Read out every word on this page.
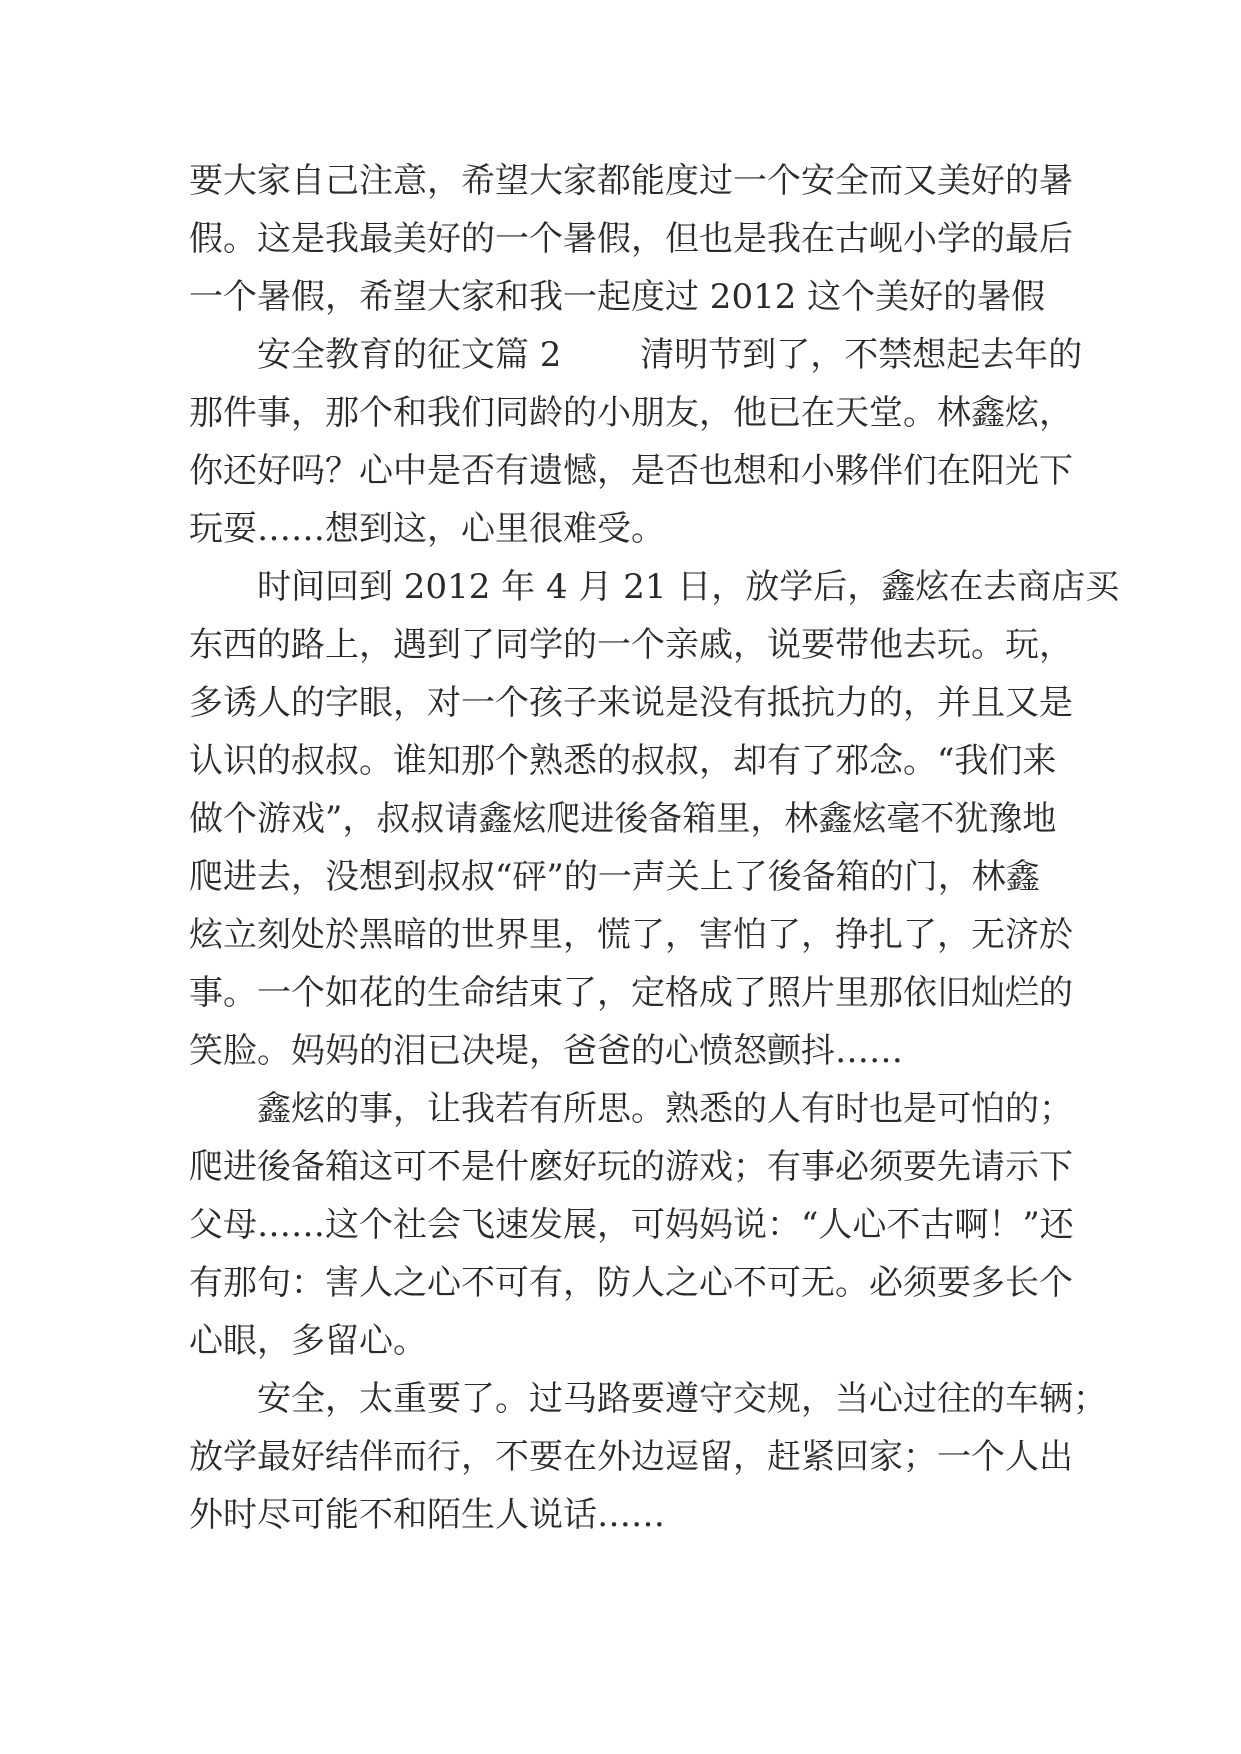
要大家自己注意，希望大家都能度过一个安全而又美好的暑
假。这是我最美好的一个暑假，但也是我在古岘小学的最后
一个暑假，希望大家和我一起度过 2012 这个美好的暑假
　　安全教育的征文篇 2　　 清明节到了，不禁想起去年的
那件事，那个和我们同龄的小朋友，他已在天堂。林鑫炫，
你还好吗？心中是否有遗憾，是否也想和小夥伴们在阳光下
玩耍……想到这，心里很难受。
　　时间回到 2012 年 4 月 21 日，放学后，鑫炫在去商店买
东西的路上，遇到了同学的一个亲戚，说要带他去玩。玩，
多诱人的字眼，对一个孩子来说是没有抵抗力的，并且又是
认识的叔叔。谁知那个熟悉的叔叔，却有了邪念。“我们来
做个游戏”，叔叔请鑫炫爬进後备箱里，林鑫炫毫不犹豫地
爬进去，没想到叔叔“砰”的一声关上了後备箱的门，林鑫
炫立刻处於黑暗的世界里，慌了，害怕了，挣扎了，无济於
事。一个如花的生命结束了，定格成了照片里那依旧灿烂的
笑脸。妈妈的泪已决堤，爸爸的心愤怒颤抖……
　　鑫炫的事，让我若有所思。熟悉的人有时也是可怕的；
爬进後备箱这可不是什麽好玩的游戏；有事必须要先请示下
父母……这个社会飞速发展，可妈妈说：“人心不古啊！”还
有那句：害人之心不可有，防人之心不可无。必须要多长个
心眼，多留心。
　　安全，太重要了。过马路要遵守交规，当心过往的车辆；
放学最好结伴而行，不要在外边逗留，赶紧回家；一个人出
外时尽可能不和陌生人说话……
